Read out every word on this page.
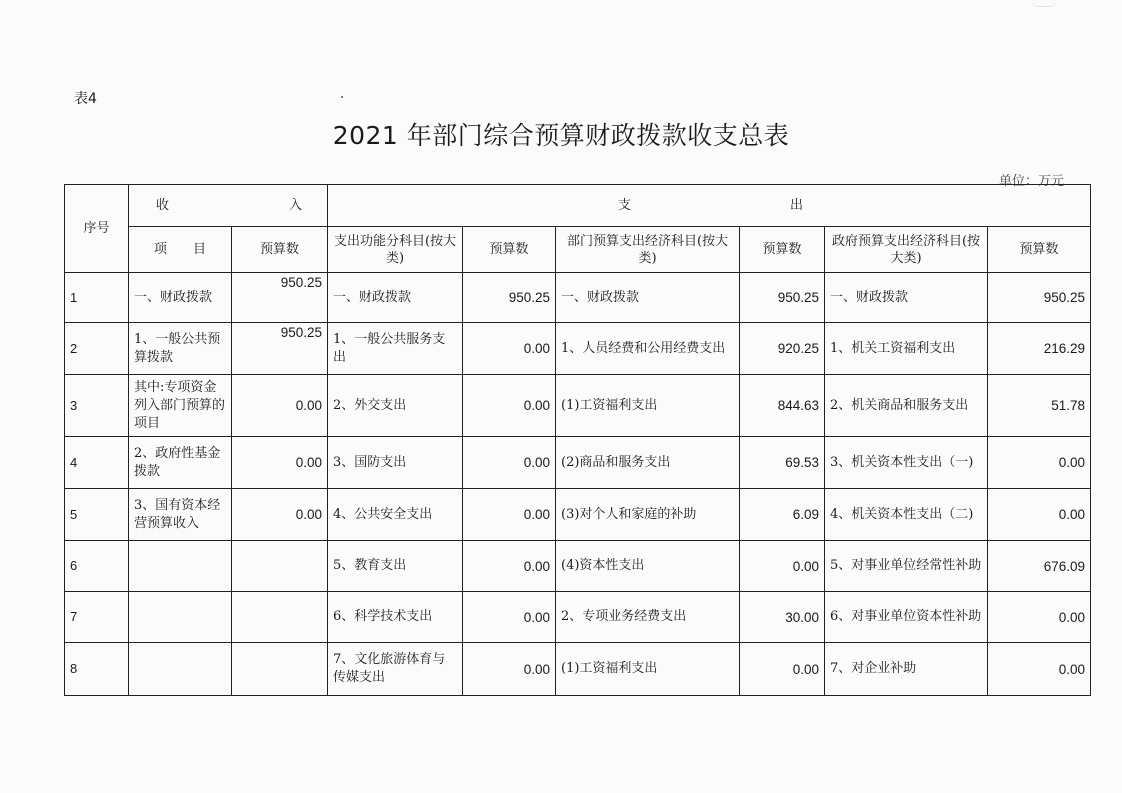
表4
2021 年部门综合预算财政拨款收支总表
单位：万元
序号	收 入		支 出					

	项　　目	预算数	支出功能分科目(按大类)	预算数	部门预算支出经济科目(按大类)	预算数	政府预算支出经济科目(按大类)	预算数
1	一、财政拨款	950.25	一、财政拨款	950.25	一、财政拨款	950.25	一、财政拨款	950.25
2	1、一般公共预算拨款	950.25	1、一般公共服务支出	0.00	1、人员经费和公用经费支出	920.25	1、机关工资福利支出	216.29
3	其中:专项资金列入部门预算的项目	0.00	2、外交支出	0.00	(1)工资福利支出	844.63	2、机关商品和服务支出	51.78
4	2、政府性基金拨款	0.00	3、国防支出	0.00	(2)商品和服务支出	69.53	3、机关资本性支出（一)	0.00
5	3、国有资本经营预算收入	0.00	4、公共安全支出	0.00	(3)对个人和家庭的补助	6.09	4、机关资本性支出（二)	0.00
6			5、教育支出	0.00	(4)资本性支出	0.00	5、对事业单位经常性补助	676.09
7			6、科学技术支出	0.00	2、专项业务经费支出	30.00	6、对事业单位资本性补助	0.00
8			7、文化旅游体育与传媒支出	0.00	(1)工资福利支出	0.00	7、对企业补助	0.00
